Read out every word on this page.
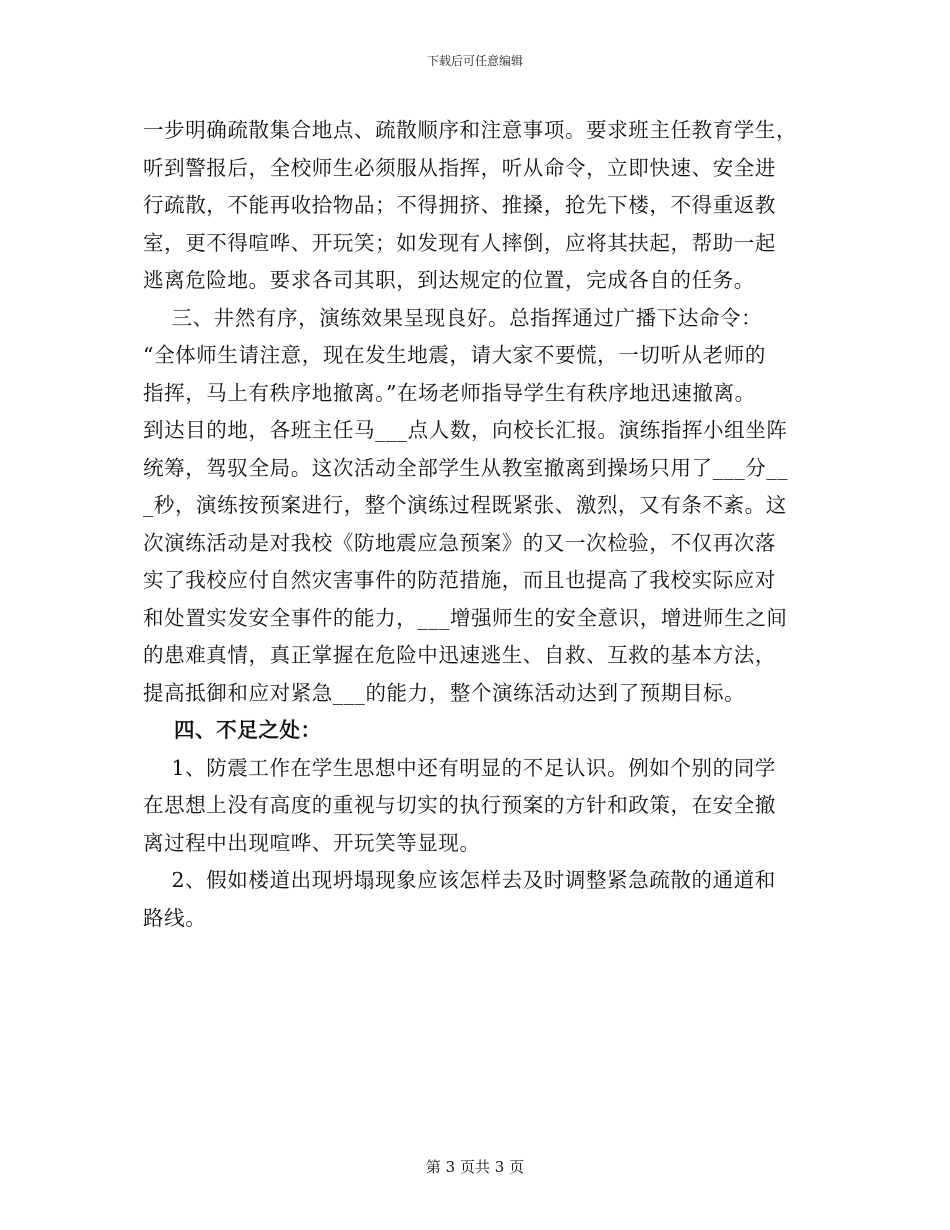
下载后可任意编辑
一步明确疏散集合地点、疏散顺序和注意事项。要求班主任教育学生，
听到警报后，全校师生必须服从指挥，听从命令，立即快速、安全进
行疏散，不能再收拾物品；不得拥挤、推搡，抢先下楼，不得重返教
室，更不得喧哗、开玩笑；如发现有人摔倒，应将其扶起，帮助一起
逃离危险地。要求各司其职，到达规定的位置，完成各自的任务。
三、井然有序，演练效果呈现良好。总指挥通过广播下达命令：
“全体师生请注意，现在发生地震，请大家不要慌，一切听从老师的
指挥，马上有秩序地撤离。”在场老师指导学生有秩序地迅速撤离。
到达目的地，各班主任马___点人数，向校长汇报。演练指挥小组坐阵
统筹，驾驭全局。这次活动全部学生从教室撤离到操场只用了___分__
_秒，演练按预案进行，整个演练过程既紧张、激烈，又有条不紊。这
次演练活动是对我校《防地震应急预案》的又一次检验，不仅再次落
实了我校应付自然灾害事件的防范措施，而且也提高了我校实际应对
和处置实发安全事件的能力，___增强师生的安全意识，增进师生之间
的患难真情，真正掌握在危险中迅速逃生、自救、互救的基本方法，
提高抵御和应对紧急___的能力，整个演练活动达到了预期目标。
四、不足之处：
1、防震工作在学生思想中还有明显的不足认识。例如个别的同学
在思想上没有高度的重视与切实的执行预案的方针和政策，在安全撤
离过程中出现喧哗、开玩笑等显现。
2、假如楼道出现坍塌现象应该怎样去及时调整紧急疏散的通道和
路线。
第 3 页共 3 页
